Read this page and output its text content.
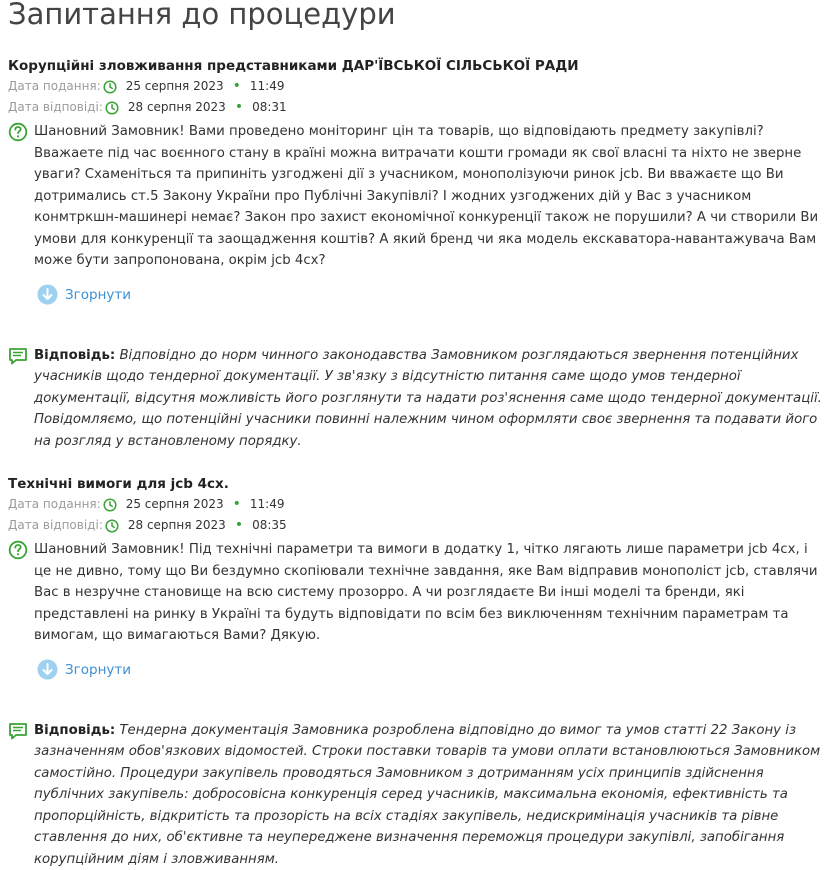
Запитання до процедури
Корупційні зловживання представниками ДАР'ЇВСЬКОЇ СІЛЬСЬКОЇ РАДИ
Дата подання: 25 серпня 2023 • 11:49
Дата відповіді: 28 серпня 2023 • 08:31
Шановний Замовник! Вами проведено моніторинг цін та товарів, що відповідають предмету закупівлі? Вважаете під час воєнного стану в країні можна витрачати кошти громади як свої власні та ніхто не зверне уваги? Схаменіться та припиніть узгоджені дії з учасником, монополізуючи ринок jcb. Ви вважаєте що Ви дотримались ст.5 Закону України про Публічні Закупівлі? І жодних узгоджених дій у Вас з учасником конмтркшн-машинері немає? Закон про захист економічної конкуренції також не порушили? А чи створили Ви умови для конкуренції та заощадження коштів? А який бренд чи яка модель екскаватора-навантажувача Вам може бути запропонована, окрім jcb 4cx?
Згорнути
Відповідь: Відповідно до норм чинного законодавства Замовником розглядаються звернення потенційних учасників щодо тендерної документації. У зв'язку з відсутністю питання саме щодо умов тендерної документації, відсутня можливість його розглянути та надати роз'яснення саме щодо тендерної документації. Повідомляємо, що потенційні учасники повинні належним чином оформляти своє звернення та подавати його на розгляд у встановленому порядку.
Технічні вимоги для jcb 4cx.
Дата подання: 25 серпня 2023 • 11:49
Дата відповіді: 28 серпня 2023 • 08:35
Шановний Замовник! Під технічні параметри та вимоги в додатку 1, чітко лягають лише параметри jcb 4cx, і це не дивно, тому що Ви бездумно скопіювали технічне завдання, яке Вам відправив монополіст jcb, ставлячи Вас в незручне становище на всю систему прозорро. А чи розглядаєте Ви інші моделі та бренди, які представлені на ринку в Україні та будуть відповідати по всім без виключенням технічним параметрам та вимогам, що вимагаються Вами? Дякую.
Згорнути
Відповідь: Тендерна документація Замовника розроблена відповідно до вимог та умов статті 22 Закону із зазначенням обов'язкових відомостей. Строки поставки товарів та умови оплати встановлюються Замовником самостійно. Процедури закупівель проводяться Замовником з дотриманням усіх принципів здійснення публічних закупівель: добросовісна конкуренція серед учасників, максимальна економія, ефективність та пропорційність, відкритість та прозорість на всіх стадіях закупівель, недискримінація учасників та рівне ставлення до них, об'єктивне та неупереджене визначення переможця процедури закупівлі, запобігання корупційним діям і зловживанням.
